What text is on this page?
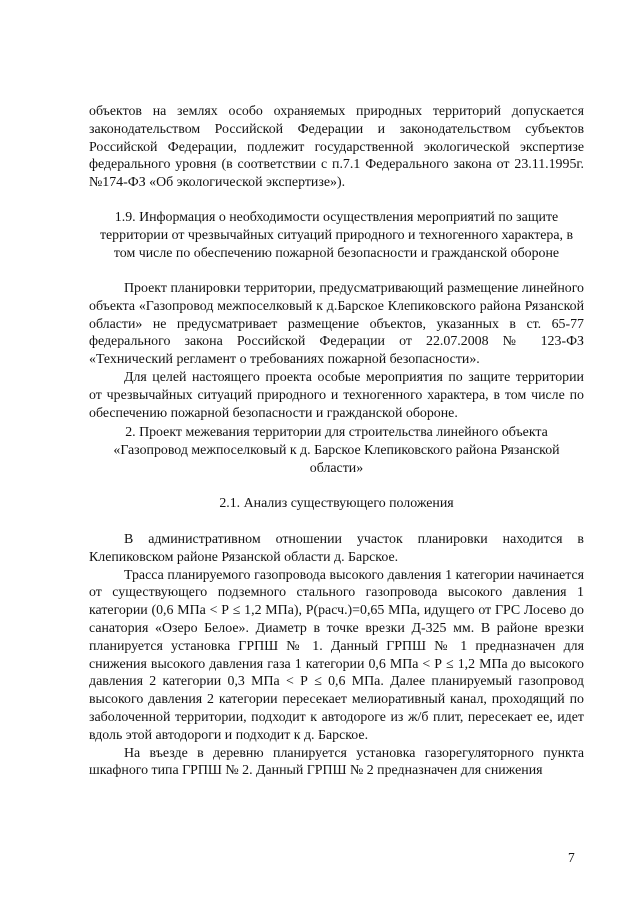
объектов на землях особо охраняемых природных территорий допускается законодательством Российской Федерации и законодательством субъектов Российской Федерации, подлежит государственной экологической экспертизе федерального уровня (в соответствии с п.7.1 Федерального закона от 23.11.1995г. №174-ФЗ «Об экологической экспертизе»).

1.9. Информация о необходимости осуществления мероприятий по защите территории от чрезвычайных ситуаций природного и техногенного характера, в том числе по обеспечению пожарной безопасности и гражданской обороне

Проект планировки территории, предусматривающий размещение линейного объекта «Газопровод межпоселковый к д.Барское Клепиковского района Рязанской области» не предусматривает размещение объектов, указанных в ст. 65-77 федерального закона Российской Федерации от 22.07.2008 № 123-ФЗ «Технический регламент о требованиях пожарной безопасности».

Для целей настоящего проекта особые мероприятия по защите территории от чрезвычайных ситуаций природного и техногенного характера, в том числе по обеспечению пожарной безопасности и гражданской обороне.

2. Проект межевания территории для строительства линейного объекта «Газопровод межпоселковый к д. Барское Клепиковского района Рязанской области»

2.1. Анализ существующего положения

В административном отношении участок планировки находится в Клепиковском районе Рязанской области д. Барское.

Трасса планируемого газопровода высокого давления 1 категории начинается от существующего подземного стального газопровода высокого давления 1 категории (0,6 МПа < Р ≤ 1,2 МПа), Р(расч.)=0,65 МПа, идущего от ГРС Лосево до санатория «Озеро Белое». Диаметр в точке врезки Д-325 мм. В районе врезки планируется установка ГРПШ № 1. Данный ГРПШ № 1 предназначен для снижения высокого давления газа 1 категории 0,6 МПа < Р ≤ 1,2 МПа до высокого давления 2 категории 0,3 МПа < Р ≤ 0,6 МПа. Далее планируемый газопровод высокого давления 2 категории пересекает мелиоративный канал, проходящий по заболоченной территории, подходит к автодороге из ж/б плит, пересекает ее, идет вдоль этой автодороги и подходит к д. Барское.

На въезде в деревню планируется установка газорегуляторного пункта шкафного типа ГРПШ № 2. Данный ГРПШ № 2 предназначен для снижения

7
